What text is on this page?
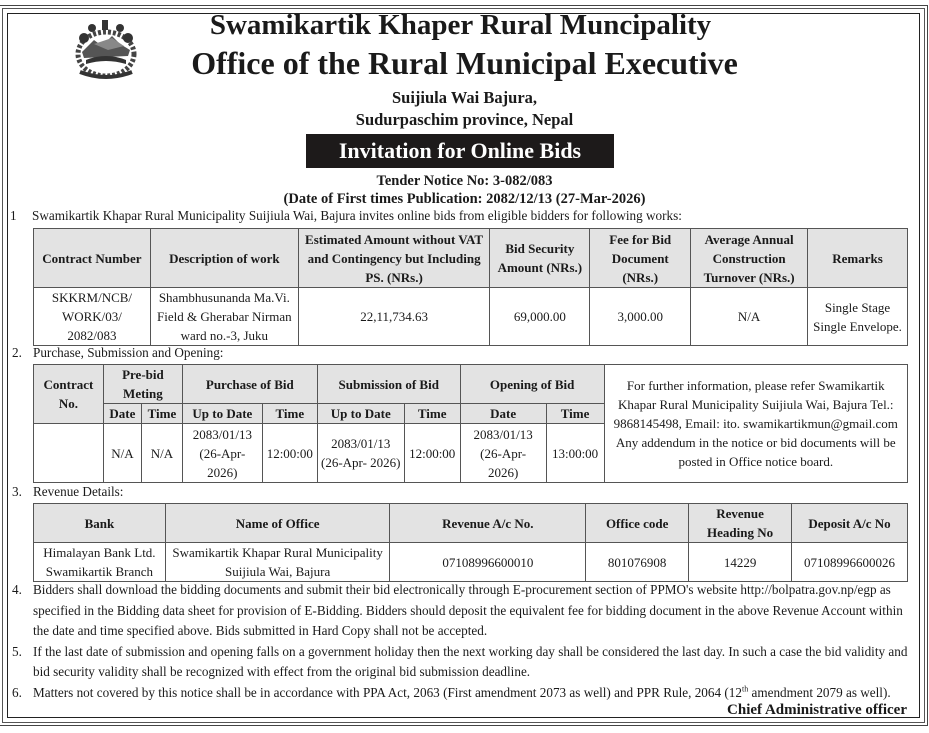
Swamikartik Khaper Rural Muncipality
Office of the Rural Municipal Executive
Suijiula Wai Bajura,
Sudurpaschim province, Nepal
Invitation for Online Bids
Tender Notice No: 3-082/083
(Date of First times Publication: 2082/12/13 (27-Mar-2026)
1 Swamikartik Khapar Rural Municipality Suijiula Wai, Bajura invites online bids from eligible bidders for following works:
Contract Number	Description of work	Estimated Amount without VAT and Contingency but Including PS. (NRs.)	Bid Security Amount (NRs.)	Fee for Bid Document (NRs.)	Average Annual Construction Turnover (NRs.)	Remarks
SKKRM/NCB/ WORK/03/ 2082/083	Shambhusunanda Ma.Vi. Field & Gherabar Nirman ward no.-3, Juku	22,11,734.63	69,000.00	3,000.00	N/A	Single Stage Single Envelope.
2. Purchase, Submission and Opening:
Contract No.	Pre-bid Meting		Purchase of Bid		Submission of Bid		Opening of Bid		For further information, please refer Swamikartik Khapar Rural Municipality Suijiula Wai, Bajura Tel.: 9868145498, Email: ito. swamikartikmun@gmail.com Any addendum in the notice or bid documents will be posted in Office notice board.
	Date	Time	Up to Date	Time	Up to Date	Time	Date	Time	
	N/A	N/A	2083/01/13 (26-Apr- 2026)	12:00:00	2083/01/13 (26-Apr- 2026)	12:00:00	2083/01/13 (26-Apr- 2026)	13:00:00	
3. Revenue Details:
Bank	Name of Office	Revenue A/c No.	Office code	Revenue Heading No	Deposit A/c No
Himalayan Bank Ltd. Swamikartik Branch	Swamikartik Khapar Rural Municipality Suijiula Wai, Bajura	07108996600010	801076908	14229	07108996600026
4. Bidders shall download the bidding documents and submit their bid electronically through E-procurement section of PPMO's website http://bolpatra.gov.np/egp as specified in the Bidding data sheet for provision of E-Bidding. Bidders should deposit the equivalent fee for bidding document in the above Revenue Account within the date and time specified above. Bids submitted in Hard Copy shall not be accepted.
5. If the last date of submission and opening falls on a government holiday then the next working day shall be considered the last day. In such a case the bid validity and bid security validity shall be recognized with effect from the original bid submission deadline.
6. Matters not covered by this notice shall be in accordance with PPA Act, 2063 (First amendment 2073 as well) and PPR Rule, 2064 (12th amendment 2079 as well).
Chief Administrative officer
